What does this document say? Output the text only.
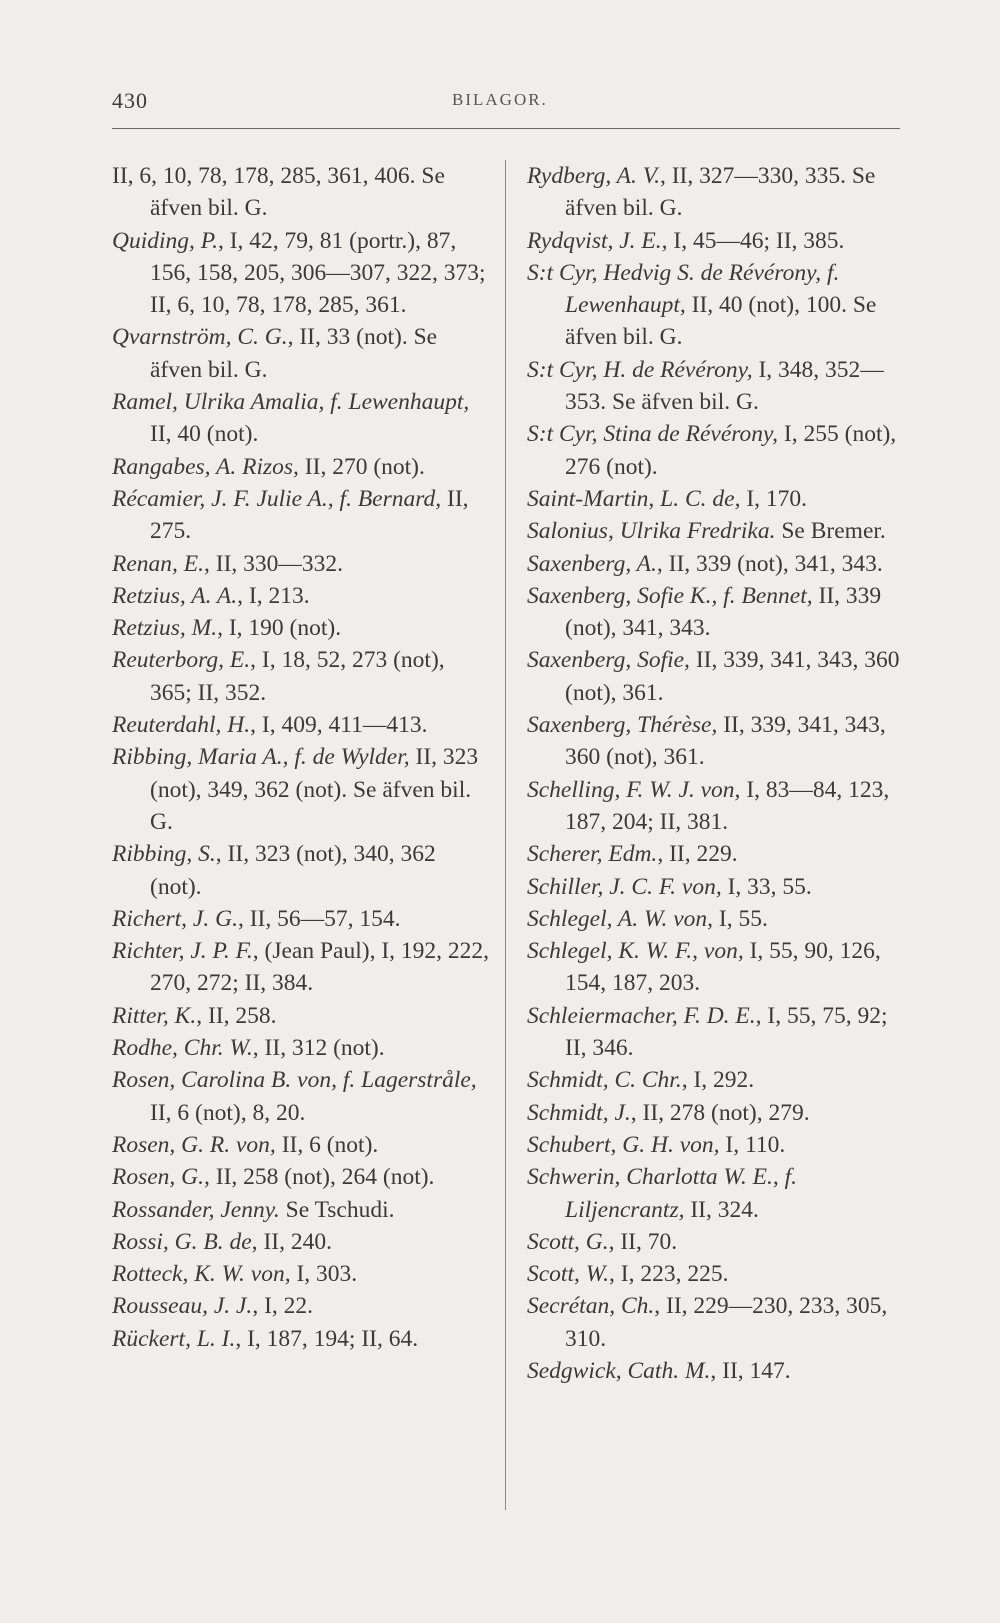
430	BILAGOR.
II, 6, 10, 78, 178, 285, 361, 406. Se äfven bil. G.
Quiding, P., I, 42, 79, 81 (portr.), 87, 156, 158, 205, 306—307, 322, 373; II, 6, 10, 78, 178, 285, 361.
Qvarnström, C. G., II, 33 (not). Se äfven bil. G.
Ramel, Ulrika Amalia, f. Lewenhaupt, II, 40 (not).
Rangabes, A. Rizos, II, 270 (not).
Récamier, J. F. Julie A., f. Bernard, II, 275.
Renan, E., II, 330—332.
Retzius, A. A., I, 213.
Retzius, M., I, 190 (not).
Reuterborg, E., I, 18, 52, 273 (not), 365; II, 352.
Reuterdahl, H., I, 409, 411—413.
Ribbing, Maria A., f. de Wylder, II, 323 (not), 349, 362 (not). Se äfven bil. G.
Ribbing, S., II, 323 (not), 340, 362 (not).
Richert, J. G., II, 56—57, 154.
Richter, J. P. F., (Jean Paul), I, 192, 222, 270, 272; II, 384.
Ritter, K., II, 258.
Rodhe, Chr. W., II, 312 (not).
Rosen, Carolina B. von, f. Lagerstråle, II, 6 (not), 8, 20.
Rosen, G. R. von, II, 6 (not).
Rosen, G., II, 258 (not), 264 (not).
Rossander, Jenny. Se Tschudi.
Rossi, G. B. de, II, 240.
Rotteck, K. W. von, I, 303.
Rousseau, J. J., I, 22.
Rückert, L. I., I, 187, 194; II, 64.
Rydberg, A. V., II, 327—330, 335. Se äfven bil. G.
Rydqvist, J. E., I, 45—46; II, 385.
S:t Cyr, Hedvig S. de Révérony, f. Lewenhaupt, II, 40 (not), 100. Se äfven bil. G.
S:t Cyr, H. de Révérony, I, 348, 352—353. Se äfven bil. G.
S:t Cyr, Stina de Révérony, I, 255 (not), 276 (not).
Saint-Martin, L. C. de, I, 170.
Salonius, Ulrika Fredrika. Se Bremer.
Saxenberg, A., II, 339 (not), 341, 343.
Saxenberg, Sofie K., f. Bennet, II, 339 (not), 341, 343.
Saxenberg, Sofie, II, 339, 341, 343, 360 (not), 361.
Saxenberg, Thérèse, II, 339, 341, 343, 360 (not), 361.
Schelling, F. W. J. von, I, 83—84, 123, 187, 204; II, 381.
Scherer, Edm., II, 229.
Schiller, J. C. F. von, I, 33, 55.
Schlegel, A. W. von, I, 55.
Schlegel, K. W. F., von, I, 55, 90, 126, 154, 187, 203.
Schleiermacher, F. D. E., I, 55, 75, 92; II, 346.
Schmidt, C. Chr., I, 292.
Schmidt, J., II, 278 (not), 279.
Schubert, G. H. von, I, 110.
Schwerin, Charlotta W. E., f. Liljencrantz, II, 324.
Scott, G., II, 70.
Scott, W., I, 223, 225.
Secrétan, Ch., II, 229—230, 233, 305, 310.
Sedgwick, Cath. M., II, 147.
